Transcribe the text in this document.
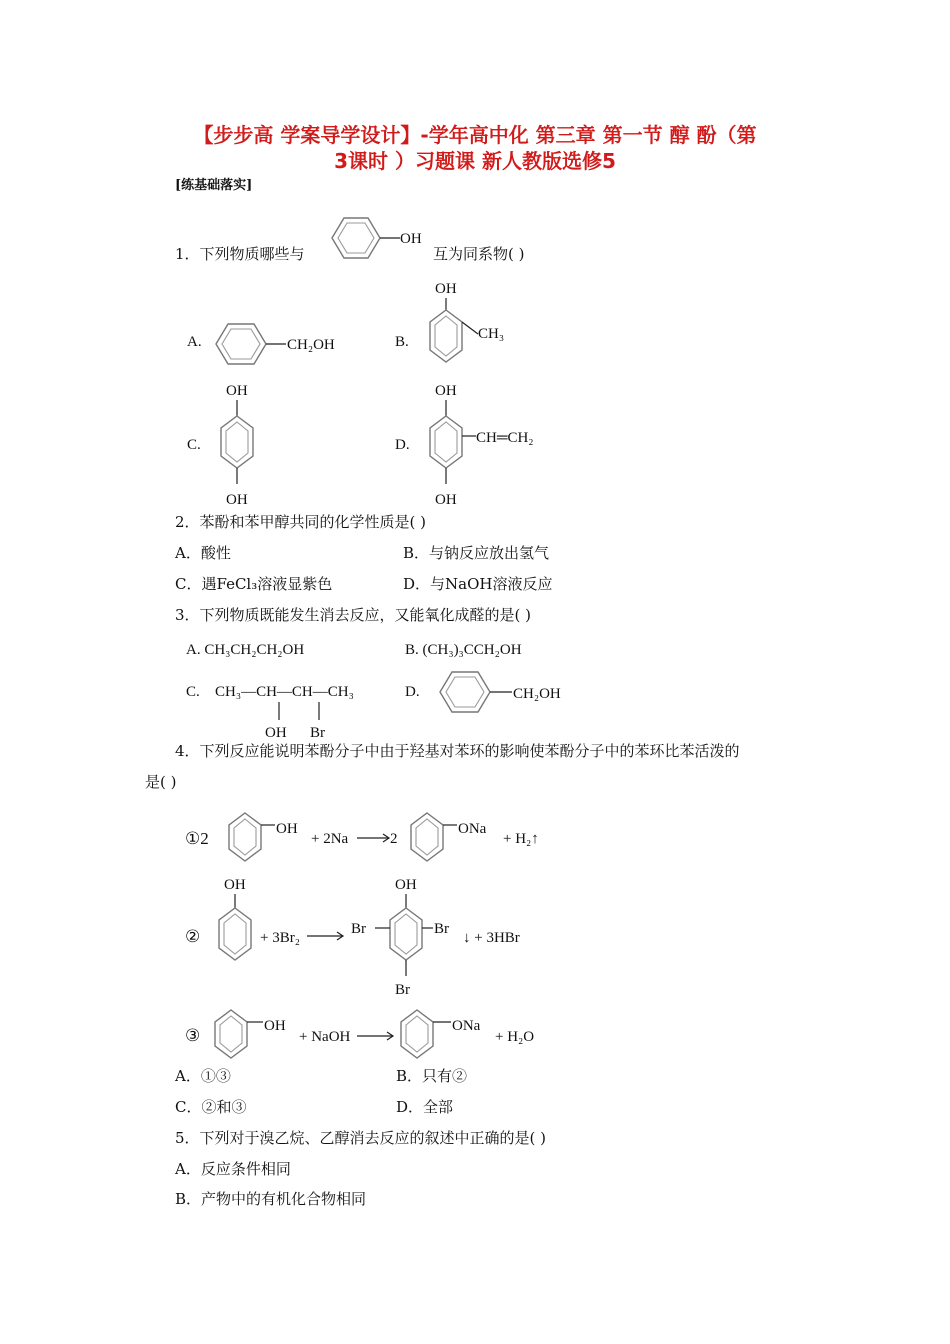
【步步高 学案导学设计】-学年高中化 第三章 第一节 醇 酚（第
3课时 ）习题课 新人教版选修5
[练基础落实]
1．下列物质哪些与
OH
互为同系物( )
A.	CH₂OH	B.
OH
CH₃
C.
OH
OH
D.
OH
CH═CH₂
OH
2．苯酚和苯甲醇共同的化学性质是( )
A．酸性	B．与钠反应放出氢气
C．遇FeCl₃溶液显紫色	D．与NaOH溶液反应
3．下列物质既能发生消去反应，又能氧化成醛的是( )
A. CH₃CH₂CH₂OH	B. (CH₃)₃CCH₂OH
C. CH₃—CH—CH—CH₃
OH Br
D.	CH₂OH
4．下列反应能说明苯酚分子中由于羟基对苯环的影响使苯酚分子中的苯环比苯活泼的
是( )
①2	OH
+ 2Na	2
ONa
+ H₂↑
②
OH
+ 3Br₂
OH
Br	Br
Br
↓ + 3HBr
③	OH
+ NaOH
ONa
+ H₂O
A．①③	B．只有②
C．②和③	D．全部
5．下列对于溴乙烷、乙醇消去反应的叙述中正确的是( )
A．反应条件相同
B．产物中的有机化合物相同
